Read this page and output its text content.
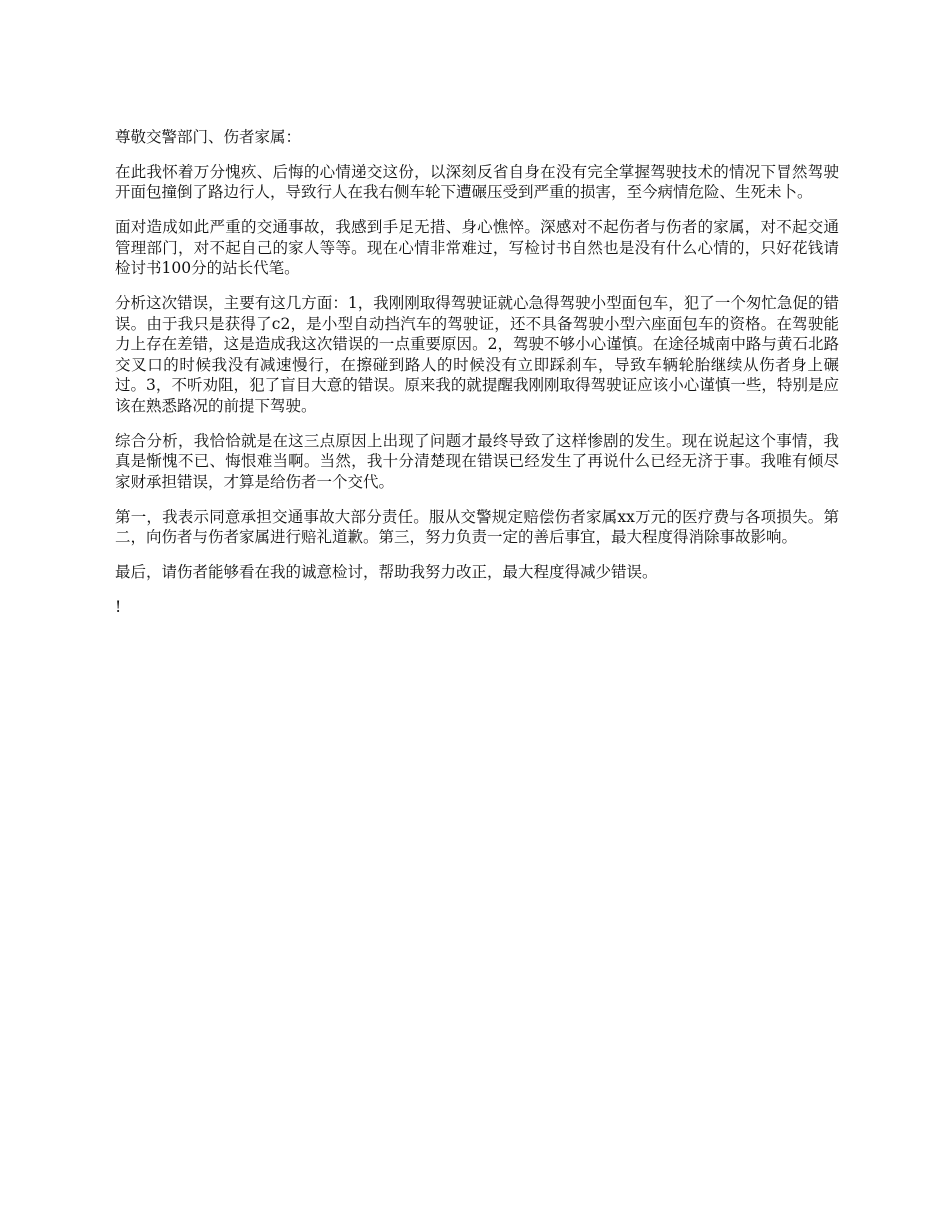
尊敬交警部门、伤者家属：

在此我怀着万分愧疚、后悔的心情递交这份，以深刻反省自身在没有完全掌握驾驶技术的情况下冒然驾驶开面包撞倒了路边行人，导致行人在我右侧车轮下遭碾压受到严重的损害，至今病情危险、生死未卜。

面对造成如此严重的交通事故，我感到手足无措、身心憔悴。深感对不起伤者与伤者的家属，对不起交通管理部门，对不起自己的家人等等。现在心情非常难过，写检讨书自然也是没有什么心情的，只好花钱请检讨书100分的站长代笔。

分析这次错误，主要有这几方面：1，我刚刚取得驾驶证就心急得驾驶小型面包车，犯了一个匆忙急促的错误。由于我只是获得了c2，是小型自动挡汽车的驾驶证，还不具备驾驶小型六座面包车的资格。在驾驶能力上存在差错，这是造成我这次错误的一点重要原因。2，驾驶不够小心谨慎。在途径城南中路与黄石北路交叉口的时候我没有减速慢行，在擦碰到路人的时候没有立即踩刹车，导致车辆轮胎继续从伤者身上碾过。3，不听劝阻，犯了盲目大意的错误。原来我的就提醒我刚刚取得驾驶证应该小心谨慎一些，特别是应该在熟悉路况的前提下驾驶。

综合分析，我恰恰就是在这三点原因上出现了问题才最终导致了这样惨剧的发生。现在说起这个事情，我真是惭愧不已、悔恨难当啊。当然，我十分清楚现在错误已经发生了再说什么已经无济于事。我唯有倾尽家财承担错误，才算是给伤者一个交代。

第一，我表示同意承担交通事故大部分责任。服从交警规定赔偿伤者家属xx万元的医疗费与各项损失。第二，向伤者与伤者家属进行赔礼道歉。第三，努力负责一定的善后事宜，最大程度得消除事故影响。

最后，请伤者能够看在我的诚意检讨，帮助我努力改正，最大程度得减少错误。

!
